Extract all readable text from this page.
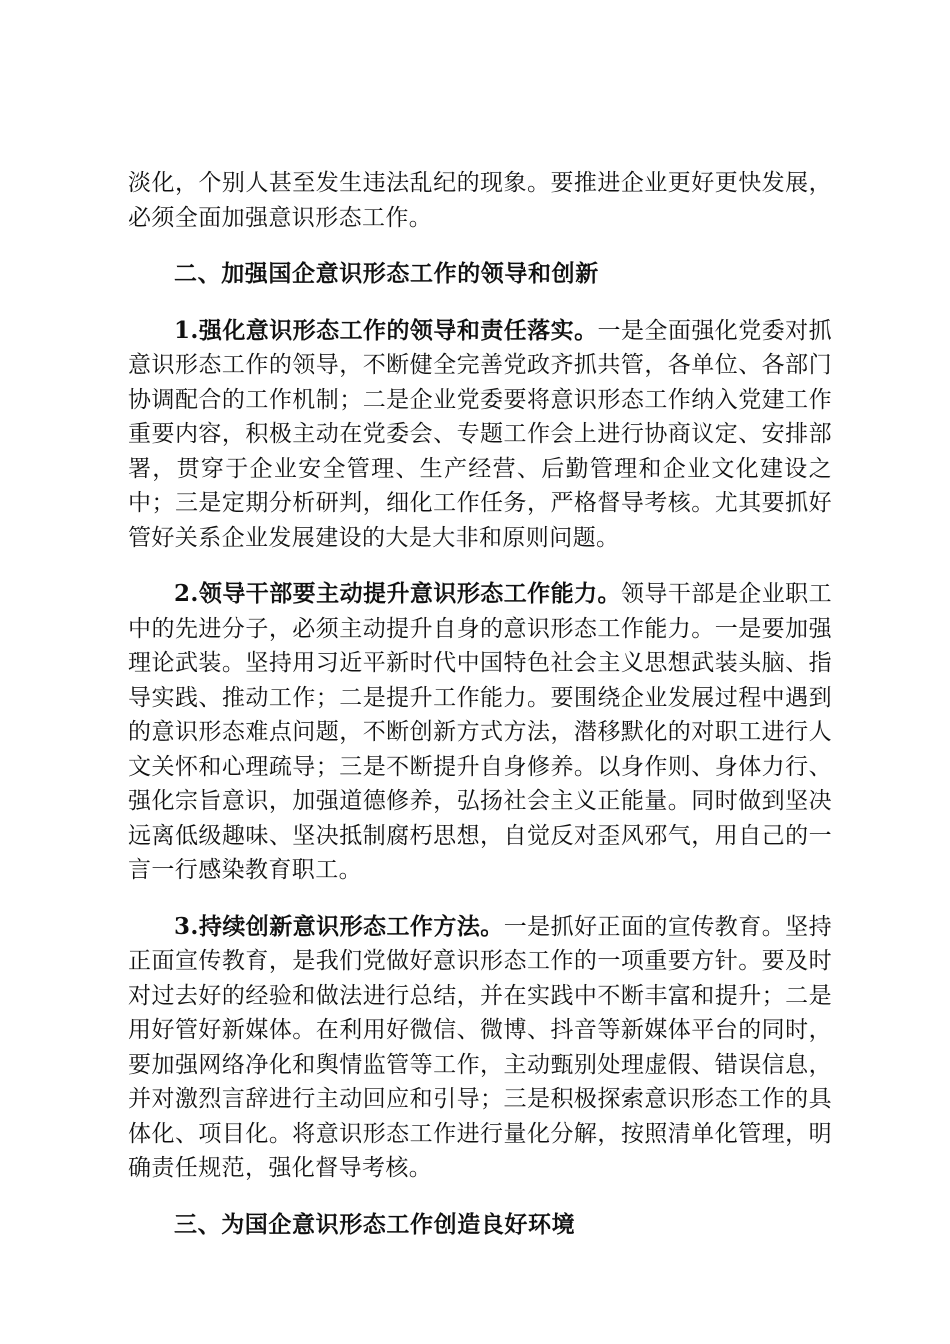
淡化，个别人甚至发生违法乱纪的现象。要推进企业更好更快发展，必须全面加强意识形态工作。

二、加强国企意识形态工作的领导和创新

1.强化意识形态工作的领导和责任落实。一是全面强化党委对抓意识形态工作的领导，不断健全完善党政齐抓共管，各单位、各部门协调配合的工作机制；二是企业党委要将意识形态工作纳入党建工作重要内容，积极主动在党委会、专题工作会上进行协商议定、安排部署，贯穿于企业安全管理、生产经营、后勤管理和企业文化建设之中；三是定期分析研判，细化工作任务，严格督导考核。尤其要抓好管好关系企业发展建设的大是大非和原则问题。

2.领导干部要主动提升意识形态工作能力。领导干部是企业职工中的先进分子，必须主动提升自身的意识形态工作能力。一是要加强理论武装。坚持用习近平新时代中国特色社会主义思想武装头脑、指导实践、推动工作；二是提升工作能力。要围绕企业发展过程中遇到的意识形态难点问题，不断创新方式方法，潜移默化的对职工进行人文关怀和心理疏导；三是不断提升自身修养。以身作则、身体力行、强化宗旨意识，加强道德修养，弘扬社会主义正能量。同时做到坚决远离低级趣味、坚决抵制腐朽思想，自觉反对歪风邪气，用自己的一言一行感染教育职工。

3.持续创新意识形态工作方法。一是抓好正面的宣传教育。坚持正面宣传教育，是我们党做好意识形态工作的一项重要方针。要及时对过去好的经验和做法进行总结，并在实践中不断丰富和提升；二是用好管好新媒体。在利用好微信、微博、抖音等新媒体平台的同时，要加强网络净化和舆情监管等工作，主动甄别处理虚假、错误信息，并对激烈言辞进行主动回应和引导；三是积极探索意识形态工作的具体化、项目化。将意识形态工作进行量化分解，按照清单化管理，明确责任规范，强化督导考核。

三、为国企意识形态工作创造良好环境
